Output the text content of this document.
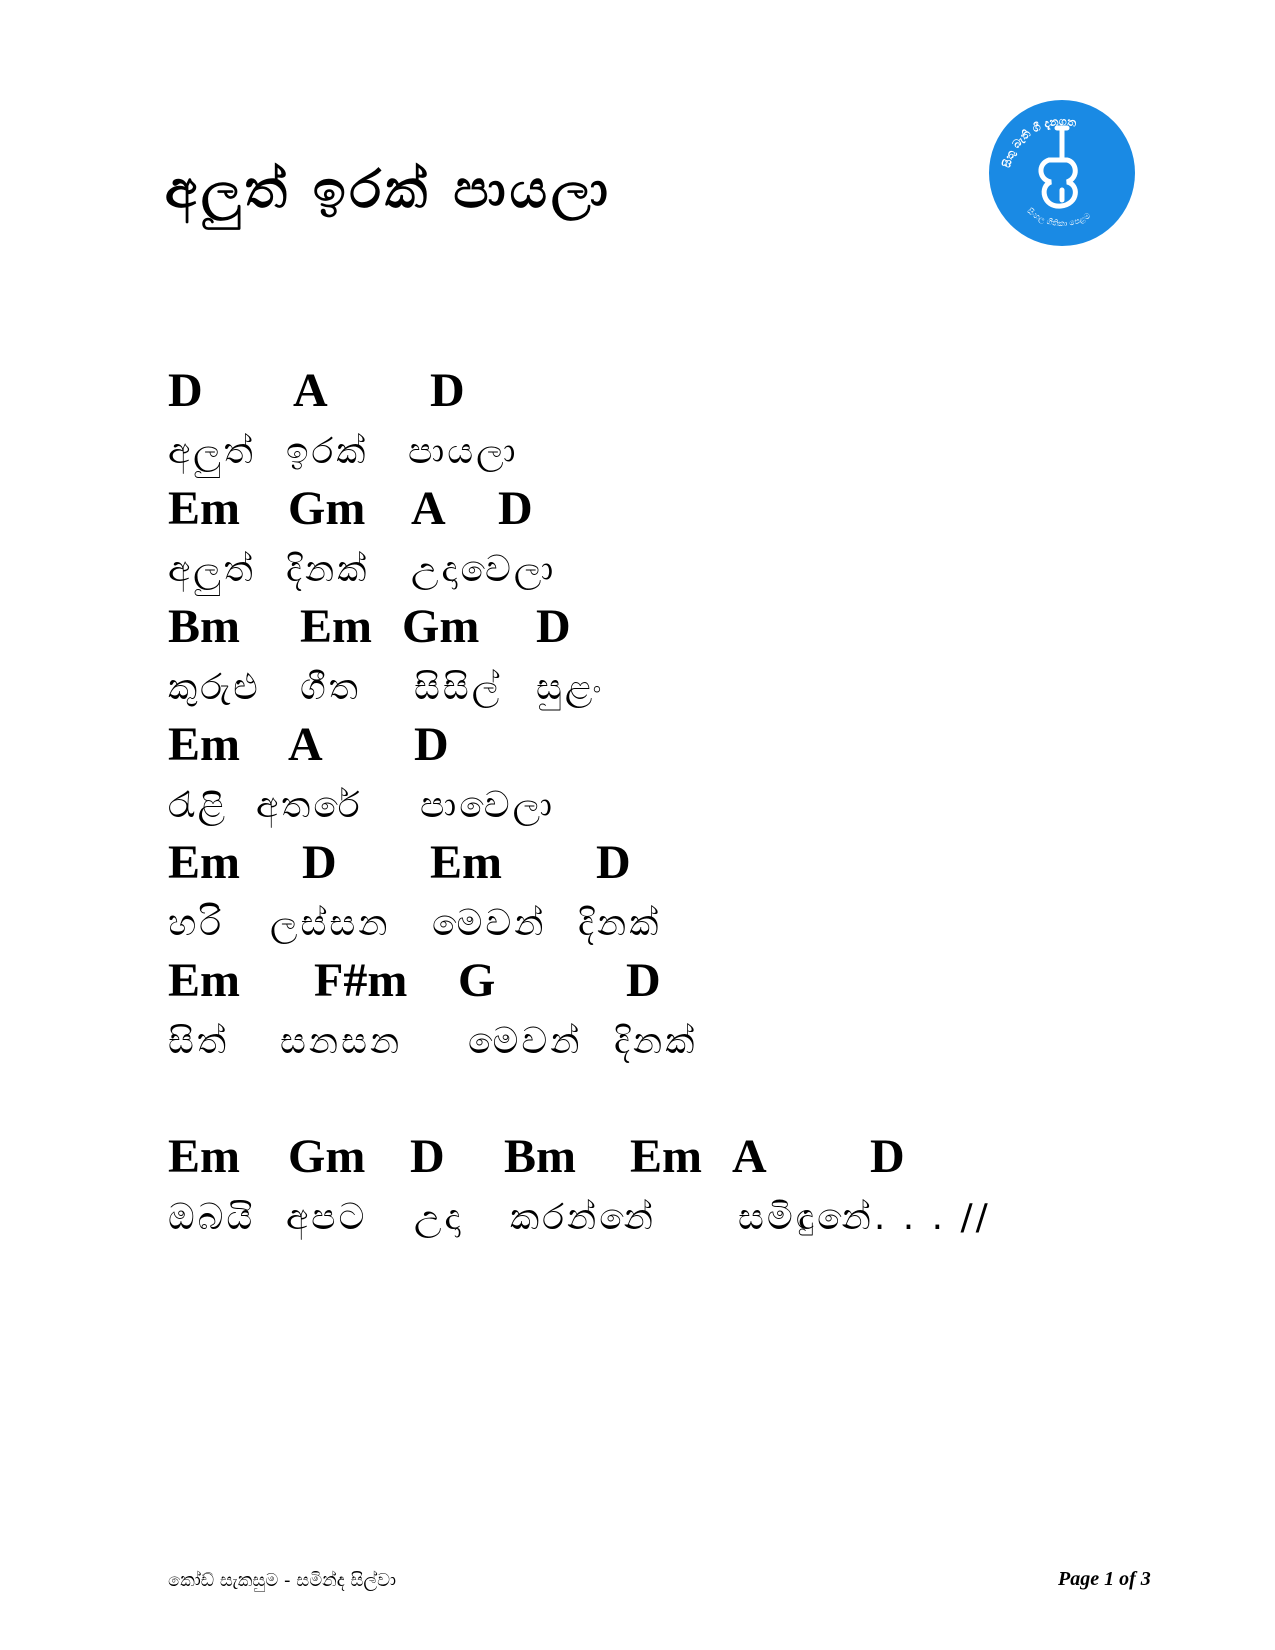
අලුත් ඉරක් පායලා	සිතු බැති ගී දැනගත
සිංහල ගීතිකා පෙළම
D A D
අලුත් ඉරක් පායලා
Em Gm A D
අලුත් දිනක් උදාවෙලා
Bm Em Gm D
කුරුළු ගීත සිසිල් සුළං
Em A D
රැළි අතරේ පාවෙලා
Em D Em D
හරි ලස්සන මෙවන් දිනක්
Em F#m G	D
සිත් සනසන මෙවන් දිනක්
Em Gm D Bm Em A D
ඔබයි අපට උදා කරන්නේ සමිඳුනේ. . . //
කෝඩ් සැකසුම - සමින්ද සිල්වා	Page 1 of 3
